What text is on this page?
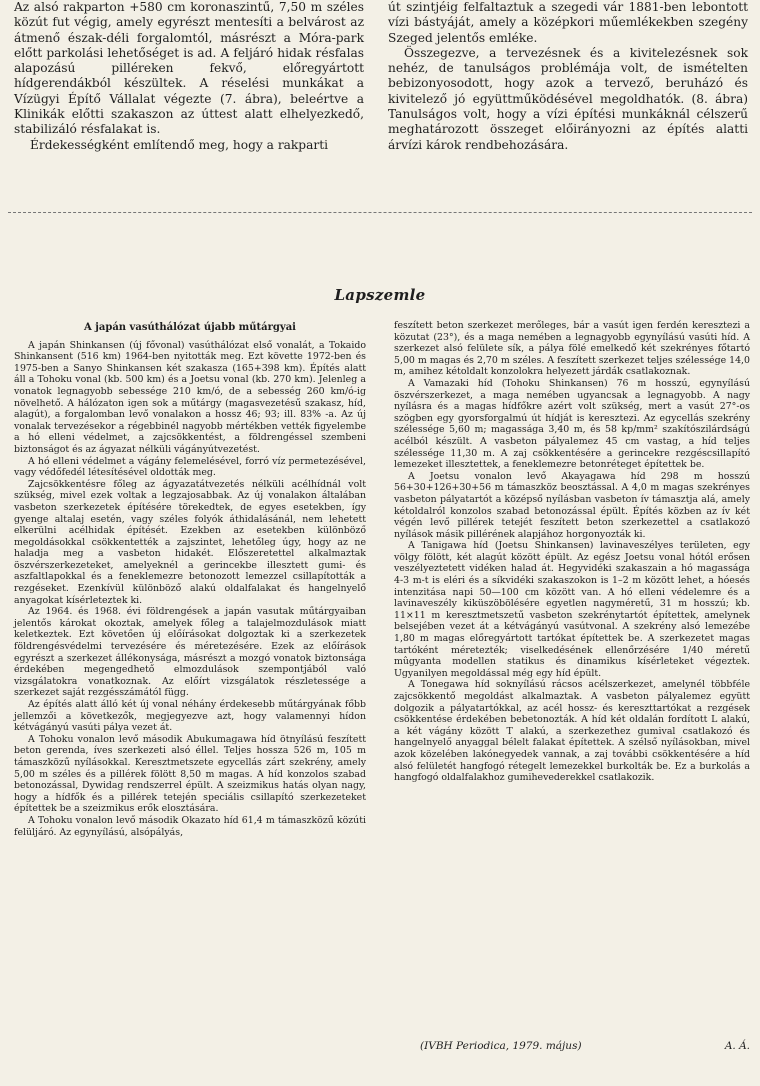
Az alsó rakparton +580 cm koronaszintű, 7,50 m széles közút fut végig, amely egyrészt mentesíti a belvárost az átmenő észak-déli forgalomtól, másrészt a Móra-park előtt parkolási lehetőséget is ad. A feljáró hidak résfalas alapozású pilléreken fekvő, előregyártott hídgerendákból készültek. A réselési munkákat a Vízügyi Építő Vállalat végezte (7. ábra), beleértve a Klinikák előtti szakaszon az úttest alatt elhelyezkedő, stabilizáló résfalakat is.

Érdekességként említendő meg, hogy a rakparti

út szintjéig felfaltaztuk a szegedi vár 1881-ben lebontott vízi bástyáját, amely a középkori műemlékekben szegény Szeged jelentős emléke.

Összegezve, a tervezésnek és a kivitelezésnek sok nehéz, de tanulságos problémája volt, de ismételten bebizonyosodott, hogy azok a tervező, beruházó és kivitelező jó együttműködésével megoldhatók. (8. ábra) Tanulságos volt, hogy a vízi építési munkáknál célszerű meghatározott összeget előirányozni az építés alatti árvízi károk rendbehozására.

Lapszemle
A japán vasúthálózat újabb műtárgyai

A japán Shinkansen (új fővonal) vasúthálózat első vonalát, a Tokaido Shinkansent (516 km) 1964-ben nyitották meg. Ezt követte 1972-ben és 1975-ben a Sanyo Shinkansen két szakasza (165+398 km). Építés alatt áll a Tohoku vonal (kb. 500 km) és a Joetsu vonal (kb. 270 km). Jelenleg a vonatok legnagyobb sebessége 210 km/ó, de a sebesség 260 km/ó-ig növelhető. A hálózaton igen sok a műtárgy (magasvezetésű szakasz, híd, alagút), a forgalomban levő vonalakon a hossz 46; 93; ill. 83% -a. Az új vonalak tervezésekor a régebbinél nagyobb mértékben vették figyelembe a hó elleni védelmet, a zajcsökkentést, a földrengéssel szembeni biztonságot és az ágyazat nélküli vágányútvezetést.

A hó elleni védelmet a vágány felemelésével, forró víz permetezésével, vagy védőfedél létesítésével oldották meg.

Zajcsökkentésre főleg az ágyazatátvezetés nélküli acélhídnál volt szükség, mivel ezek voltak a legzajosabbak. Az új vonalakon általában vasbeton szerkezetek építésére törekedtek, de egyes esetekben, így gyenge altalaj esetén, vagy széles folyók áthidalásánál, nem lehetett elkerülni acélhidak építését. Ezekben az esetekben különböző megoldásokkal csökkentették a zajszintet, lehetőleg úgy, hogy az ne haladja meg a vasbeton hidakét. Előszeretettel alkalmaztak öszvérszerkezeteket, amelyeknél a gerincekbe illesztett gumi- és aszfaltlapokkal és a feneklemezre betonozott lemezzel csillapították a rezgéseket. Ezenkívül különböző alakú oldalfalakat és hangelnyelő anyagokat kísérleteztek ki.

Az 1964. és 1968. évi földrengések a japán vasutak műtárgyaiban jelentős károkat okoztak, amelyek főleg a talajelmozdulások miatt keletkeztek. Ezt követően új előírásokat dolgoztak ki a szerkezetek földrengésvédelmi tervezésére és méretezésére. Ezek az előírások egyrészt a szerkezet állékonysága, másrészt a mozgó vonatok biztonsága érdekében megengedhető elmozdulások szempontjából való vizsgálatokra vonatkoznak. Az előírt vizsgálatok részletessége a szerkezet saját rezgésszámától függ.

Az építés alatt álló két új vonal néhány érdekesebb műtárgyának főbb jellemzői a következők, megjegyezve azt, hogy valamennyi hídon kétvágányú vasúti pálya vezet át.

A Tohoku vonalon levő második Abukumagawa híd ötnyílású feszített beton gerenda, íves szerkezeti alsó éllel. Teljes hossza 526 m, 105 m támaszközű nyílásokkal. Keresztmetszete egycellás zárt szekrény, amely 5,00 m széles és a pillérek fölött 8,50 m magas. A híd konzolos szabad betonozással, Dywidag rendszerrel épült. A szeizmikus hatás olyan nagy, hogy a hídfők és a pillérek tetején speciális csillapító szerkezeteket építettek be a szeizmikus erők elosztására.

A Tohoku vonalon levő második Okazato híd 61,4 m támaszközű közúti felüljáró. Az egynyílású, alsópályás,

feszített beton szerkezet merőleges, bár a vasút igen ferdén keresztezi a közutat (23°), és a maga nemében a legnagyobb egynyílású vasúti híd. A szerkezet alsó felülete sík, a pálya fölé emelkedő két szekrényes főtartó 5,00 m magas és 2,70 m széles. A feszített szerkezet teljes szélessége 14,0 m, amihez kétoldalt konzolokra helyezett járdák csatlakoznak.

A Vamazaki híd (Tohoku Shinkansen) 76 m hosszú, egynyílású öszvérszerkezet, a maga nemében ugyancsak a legnagyobb. A nagy nyílásra és a magas hídfőkre azért volt szükség, mert a vasút 27°-os szögben egy gyorsforgalmú út hídját is keresztezi. Az egycellás szekrény szélessége 5,60 m; magassága 3,40 m, és 58 kp/mm² szakítószilárdságú acélból készült. A vasbeton pályalemez 45 cm vastag, a híd teljes szélessége 11,30 m. A zaj csökkentésére a gerincekre rezgéscsillapító lemezeket illesztettek, a feneklemezre betonréteget építettek be.

A Joetsu vonalon levő Akayagawa híd 298 m hosszú 56+30+126+30+56 m támaszköz beosztással. A 4,0 m magas szekrényes vasbeton pályatartót a középső nyílásban vasbeton ív támasztja alá, amely kétoldalról konzolos szabad betonozással épült. Építés közben az ív két végén levő pillérek tetejét feszített beton szerkezettel a csatlakozó nyílások másik pillérének alapjához horgonyozták ki.

A Tanigawa híd (Joetsu Shinkansen) lavinaveszélyes területen, egy völgy fölött, két alagút között épült. Az egész Joetsu vonal hótól erősen veszélyeztetett vidéken halad át. Hegyvidéki szakaszain a hó magassága 4-3 m-t is eléri és a síkvidéki szakaszokon is 1–2 m között lehet, a hóesés intenzitása napi 50—100 cm között van. A hó elleni védelemre és a lavinaveszély kiküszöbölésére egyetlen nagyméretű, 31 m hosszú; kb. 11×11 m keresztmetszetű vasbeton szekrénytartót építettek, amelynek belsejében vezet át a kétvágányú vasútvonal. A szekrény alsó lemezébe 1,80 m magas előregyártott tartókat építettek be. A szerkezetet magas tartóként méretezték; viselkedésének ellenőrzésére 1/40 méretű mûgyanta modellen statikus és dinamikus kísérleteket végeztek. Ugyanilyen megoldással még egy híd épült.

A Tonegawa híd soknyílású rácsos acélszerkezet, amelynél többféle zajcsökkentő megoldást alkalmaztak. A vasbeton pályalemez együtt dolgozik a pályatartókkal, az acél hossz- és kereszttartókat a rezgések csökkentése érdekében bebetonozták. A híd két oldalán fordított L alakú, a két vágány között T alakú, a szerkezethez gumival csatlakozó és hangelnyelő anyaggal bélelt falakat építettek. A szélső nyílásokban, mivel azok közelében lakónegyedek vannak, a zaj további csökkentésére a híd alsó felületét hangfogó rétegelt lemezekkel burkolták be. Ez a burkolás a hangfogó oldalfalakhoz gumihevederekkel csatlakozik.

(IVBH Periodica, 1979. május)	A. Á.
